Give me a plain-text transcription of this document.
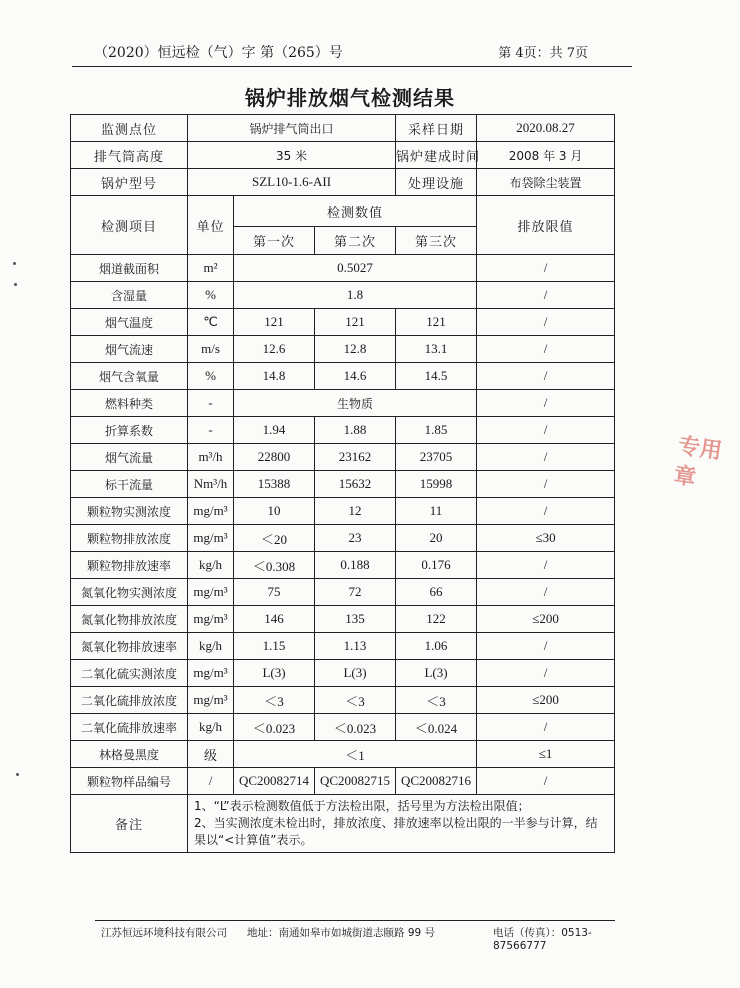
（2020）恒远检（气）字 第（265）号	第 4页：共 7页
锅炉排放烟气检测结果
监测点位	锅炉排气筒出口			采样日期	2020.08.27
排气筒高度	35 米			锅炉建成时间	2008 年 3 月
锅炉型号	SZL10-1.6-AII			处理设施	布袋除尘装置
检测项目	单位	检测数值			排放限值
		第一次	第二次	第三次	
烟道截面积	m²	0.5027			/
含湿量	%	1.8			/
烟气温度	℃	121	121	121	/
烟气流速	m/s	12.6	12.8	13.1	/
烟气含氧量	%	14.8	14.6	14.5	/
燃料种类	-	生物质			/
折算系数	-	1.94	1.88	1.85	/
烟气流量	m³/h	22800	23162	23705	/
标干流量	Nm³/h	15388	15632	15998	/
颗粒物实测浓度	mg/m³	10	12	11	/
颗粒物排放浓度	mg/m³	＜20	23	20	≤30
颗粒物排放速率	kg/h	＜0.308	0.188	0.176	/
氮氧化物实测浓度	mg/m³	75	72	66	/
氮氧化物排放浓度	mg/m³	146	135	122	≤200
氮氧化物排放速率	kg/h	1.15	1.13	1.06	/
二氧化硫实测浓度	mg/m³	L(3)	L(3)	L(3)	/
二氧化硫排放浓度	mg/m³	＜3	＜3	＜3	≤200
二氧化硫排放速率	kg/h	＜0.023	＜0.023	＜0.024	/
林格曼黑度	级	＜1			≤1
颗粒物样品编号	/	QC20082714	QC20082715	QC20082716	/
备注	1、“L”表示检测数值低于方法检出限，括号里为方法检出限值；
2、当实测浓度未检出时，排放浓度、排放速率以检出限的一半参与计算，结果以“<计算值”表示。				
江苏恒远环境科技有限公司 地址：南通如皋市如城街道志颐路 99 号	电话（传真）：0513-87566777
专用章
